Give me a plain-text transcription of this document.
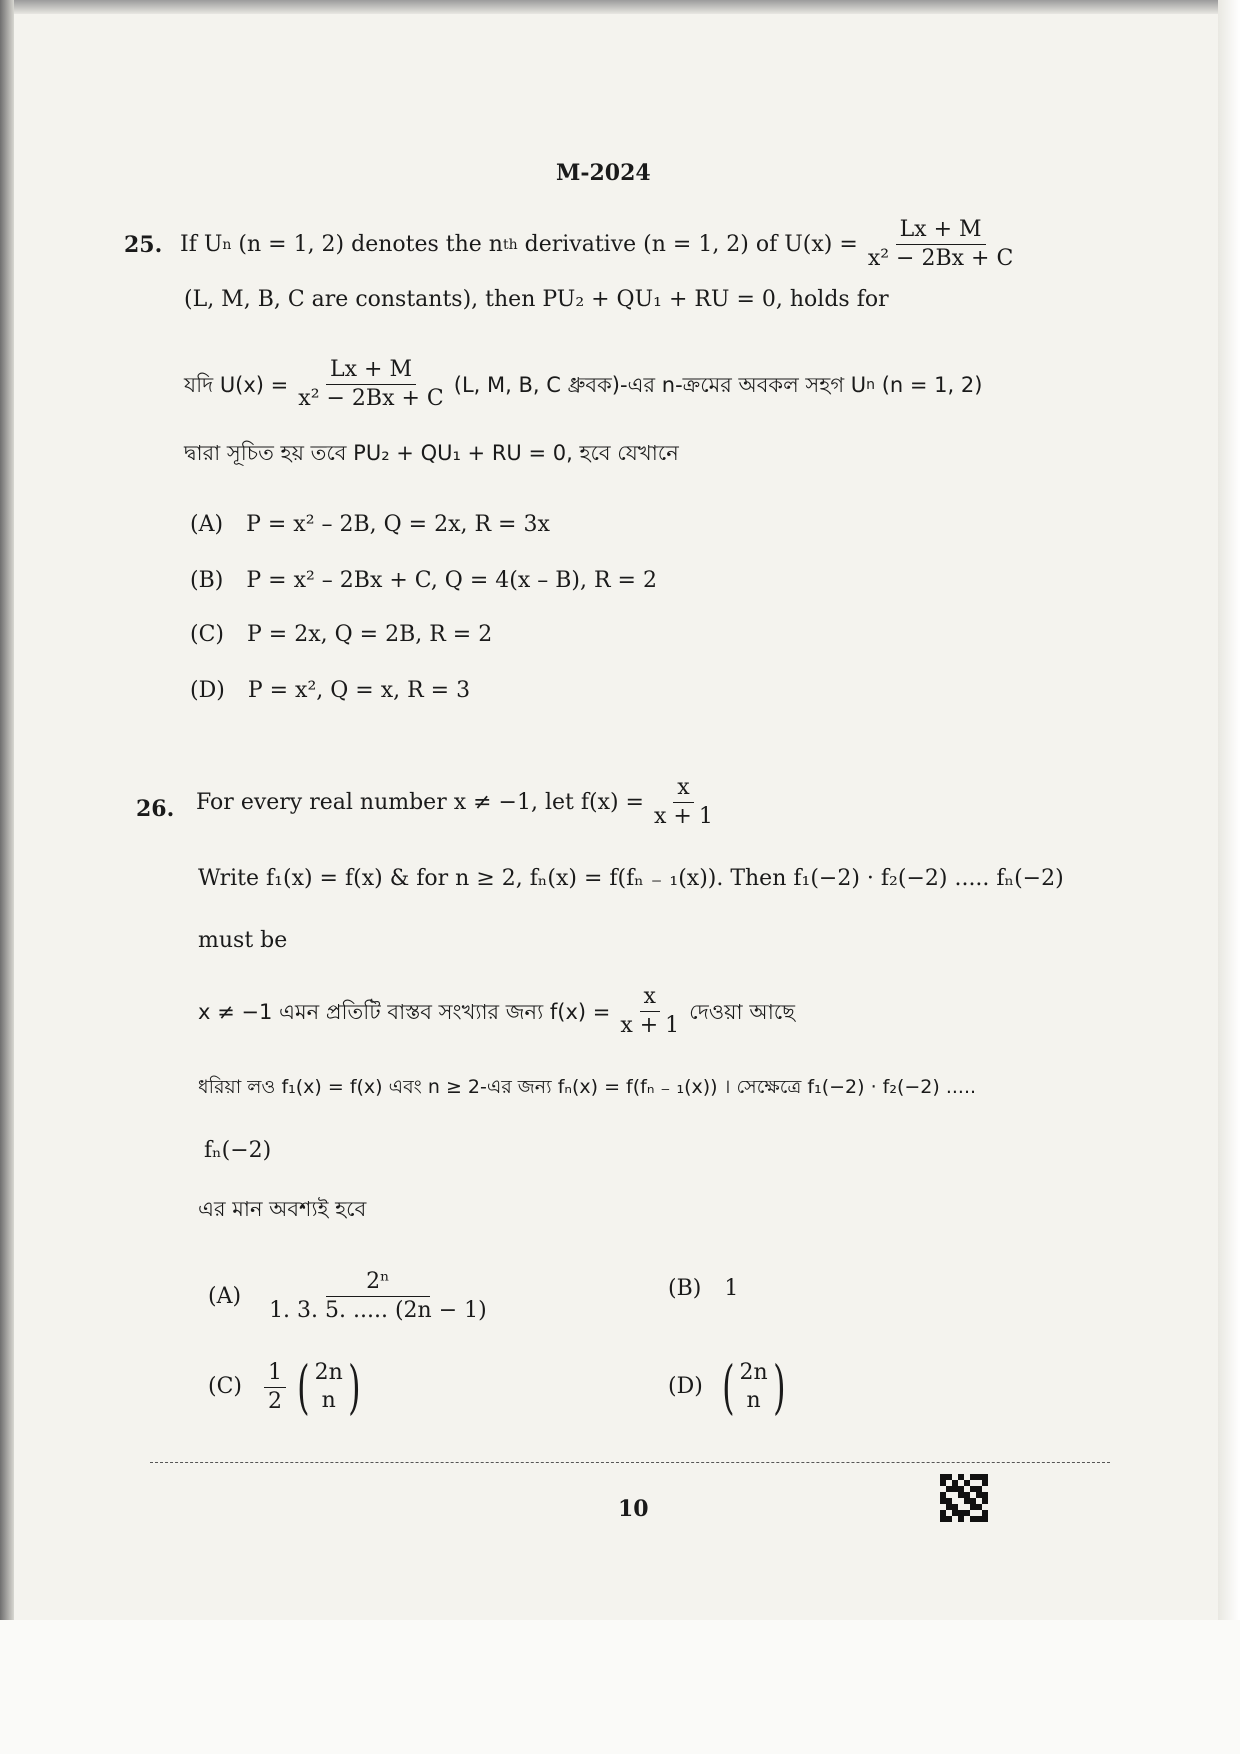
M-2024
25. If U n (n = 1, 2) denotes the n th derivative (n = 1, 2) of $U(x) = \frac{Lx + M}{\text{x² − 2Bx + C}}$
(L, M, B, C are constants), then PU₂ + QU₁ + RU = 0, holds for
যদি $U(x) = \frac{Lx + M}{\text{x² − 2Bx + C}} (L$, M, B, C ধ্রুবক)-এর n-ক্রমের অবকল সহগ U n (n = 1, 2)
দ্বারা সূচিত হয় তবে PU₂ + QU₁ + RU = 0, হবে যেখানে
(A) P = x² – 2B, Q = 2x, R = 3x
(B) P = x² – 2Bx + C, Q = 4(x – B), R = 2
(C) P = 2x, Q = 2B, R = 2
(D) P = x², Q = x, R = 3
26. For every real number x ≠ −1, let $f(x) = \frac{x}{x + 1}$
Write f₁(x) = f(x) & for n ≥ 2, fₙ(x) = f(fₙ ₋ ₁(x)). Then f₁(−2) · f₂(−2) ..... fₙ(−2)
must be
x ≠ −1 এমন প্রতিটি বাস্তব সংখ্যার জন্য $f(x) = \frac{x}{x + 1}$ দেওয়া আছে
ধরিয়া লও f₁(x) = f(x) এবং n ≥ 2-এর জন্য fₙ(x) = f(fₙ ₋ ₁(x)) । সেক্ষেত্রে f₁(−2) · f₂(−2) .....
fₙ(−2)
এর মান অবশ্যই হবে
$(A) \frac{\text{2ⁿ}}{1. 3. 5. ..... (2n - 1)}$	(B) 1
$(C) \frac{1}{2}$ ( 2n
n )	(D) ( 2n
n )
10
